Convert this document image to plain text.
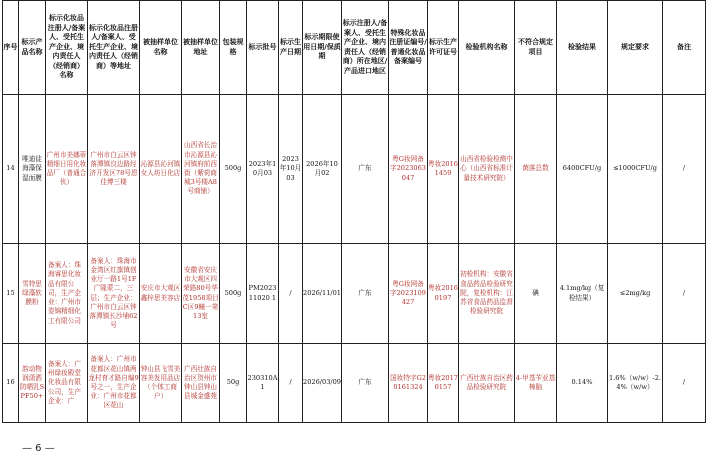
序号	标示产品名称	标示化妆品注册人/备案人、受托生产企业、境内责任人（经销商）名称	标示化妆品注册人/备案人、受托生产企业、境内责任人（经销商）等地址	被抽样单位名称	被抽样单位地址	包装规格	标示批号	标示生产日期	标示期限使用日期/保质期	标示注册人/备案人、受托生产企业、境内责任人（经销商）所在地区/产品进口地区	特殊化妆品注册证编号/普通化妆品备案编号	标示生产许可证号	检验机构名称	不符合规定项目	检验结果	规定要求	备注
14	唯迪徒海藻保湿面膜	广州市美娜蒂精细日用化妆品厂（普通合伙）	广州市白云区钟落潭镇良边路经济开发区78号恩佳博三楼	沁源县沁河镇女人坊日化店	山西省长治市沁源县沁河镇府前西街（紫荷商城3号楼A8号商铺）	500g	2023年10月03	2023年10月03	2026年10月02	广东	粤G妆网备字2023063047	粤妆20161459	山西省检验检测中心（山西省标准计量技术研究院）	菌落总数	6400CFU/g	≤1000CFU/g	/
15	雪特思绿藻软膜粉	备案人：珠海睿思化妆品有限公司，生产企业：广州市姿锦精细化工有限公司	备案人：珠海市金湾区红旗镇创业厅一路1号1F广隆蒙二，三层；生产企业：广州市白云区钟落潭镇长沙埔62号	安庆市大观区鑫梓思美容店	安徽省安庆市大观区四荣路80号华茂1958项目C区9幢一第13室	500g	PM202311020 1	/	2026/11/01	广东	粤G妆网备字2023109427	粤妆20160197	初检机构：安徽省食品药品检验研究院，复检机构：江苏省食品药品监督检验研究院	碘	4.1mg/kg（复检结果）	≤2mg/kg	/
16	韵动物润潇洒防晒乳SPF50+	备案人：广州绿妆殿堂化妆品有限公司，生产企业：广	备案人：广州市花都区花山镇两龙村育才路自编9号之一，生产企业：广州市花都区花山	钟山县飞雪美容美发用品店（个体工商户）	广西壮族自治区贺州市钟山县钟山县城金盛苑	50g	230310A1	/	2026/03/09	广东	国妆特字G20161324	粤妆20170157	广西壮族自治区药品检验研究院	4-甲基苄亚基樟脑	0.14%	1.6%（w/w）-2.4%（w/w）	/
— 6 —
